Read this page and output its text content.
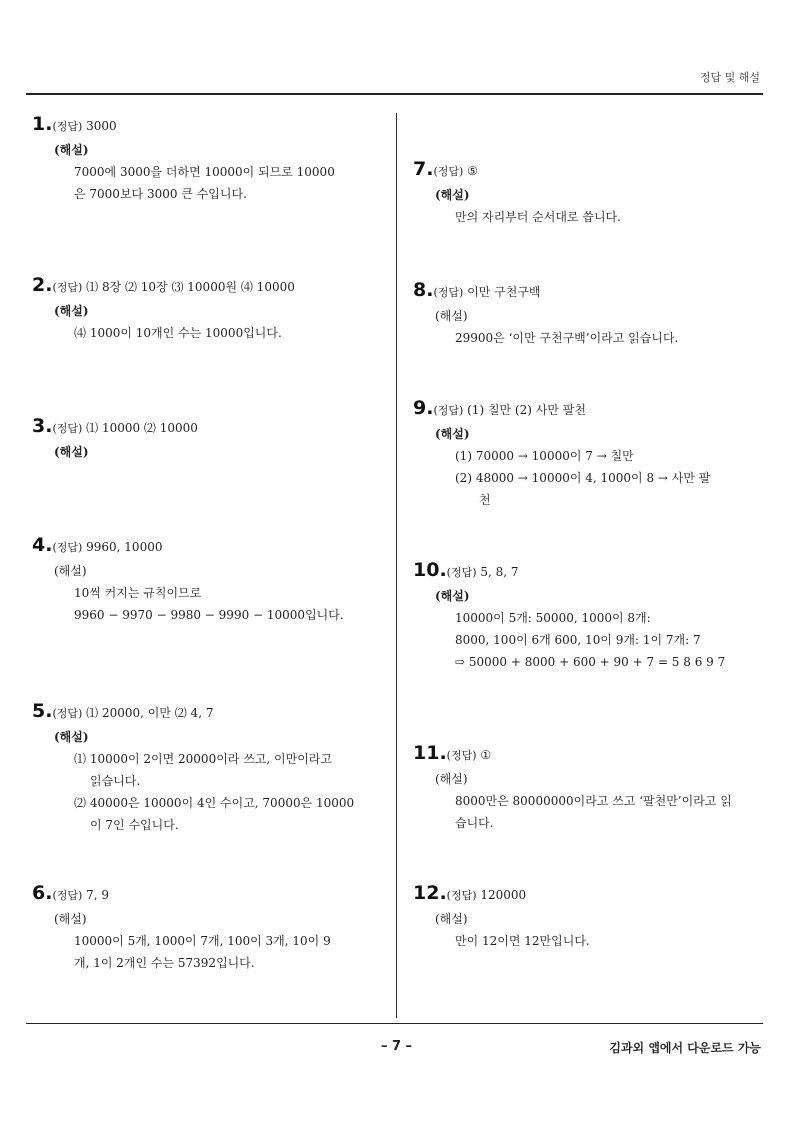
정답 및 해설
1.(정답) 3000
(해설)
7000에 3000을 더하면 10000이 되므로 10000
은 7000보다 3000 큰 수입니다.
2.(정답) ⑴ 8장 ⑵ 10장 ⑶ 10000원 ⑷ 10000
(해설)
⑷ 1000이 10개인 수는 10000입니다.
3.(정답) ⑴ 10000 ⑵ 10000
(해설)
4.(정답) 9960, 10000
(해설)
10씩 커지는 규칙이므로
9960 − 9970 − 9980 − 9990 − 10000입니다.
5.(정답) ⑴ 20000, 이만 ⑵ 4, 7
(해설)
⑴ 10000이 2이면 20000이라 쓰고, 이만이라고
읽습니다.
⑵ 40000은 10000이 4인 수이고, 70000은 10000
이 7인 수입니다.
6.(정답) 7, 9
(해설)
10000이 5개, 1000이 7개, 100이 3개, 10이 9
개, 1이 2개인 수는 57392입니다.
7.(정답) ⑤
(해설)
만의 자리부터 순서대로 씁니다.
8.(정답) 이만 구천구백
(해설)
29900은 ‘이만 구천구백’이라고 읽습니다.
9.(정답) (1) 칠만 (2) 사만 팔천
(해설)
(1) 70000 → 10000이 7 → 칠만
(2) 48000 → 10000이 4, 1000이 8 → 사만 팔
천
10.(정답) 5, 8, 7
(해설)
10000이 5개: 50000, 1000이 8개:
8000, 100이 6개 600, 10이 9개: 1이 7개: 7
⇨ 50000 + 8000 + 600 + 90 + 7 = 5 8 6 9 7
11.(정답) ①
(해설)
8000만은 80000000이라고 쓰고 ‘팔천만’이라고 읽
습니다.
12.(정답) 120000
(해설)
만이 12이면 12만입니다.
– 7 –	김과외 앱에서 다운로드 가능
